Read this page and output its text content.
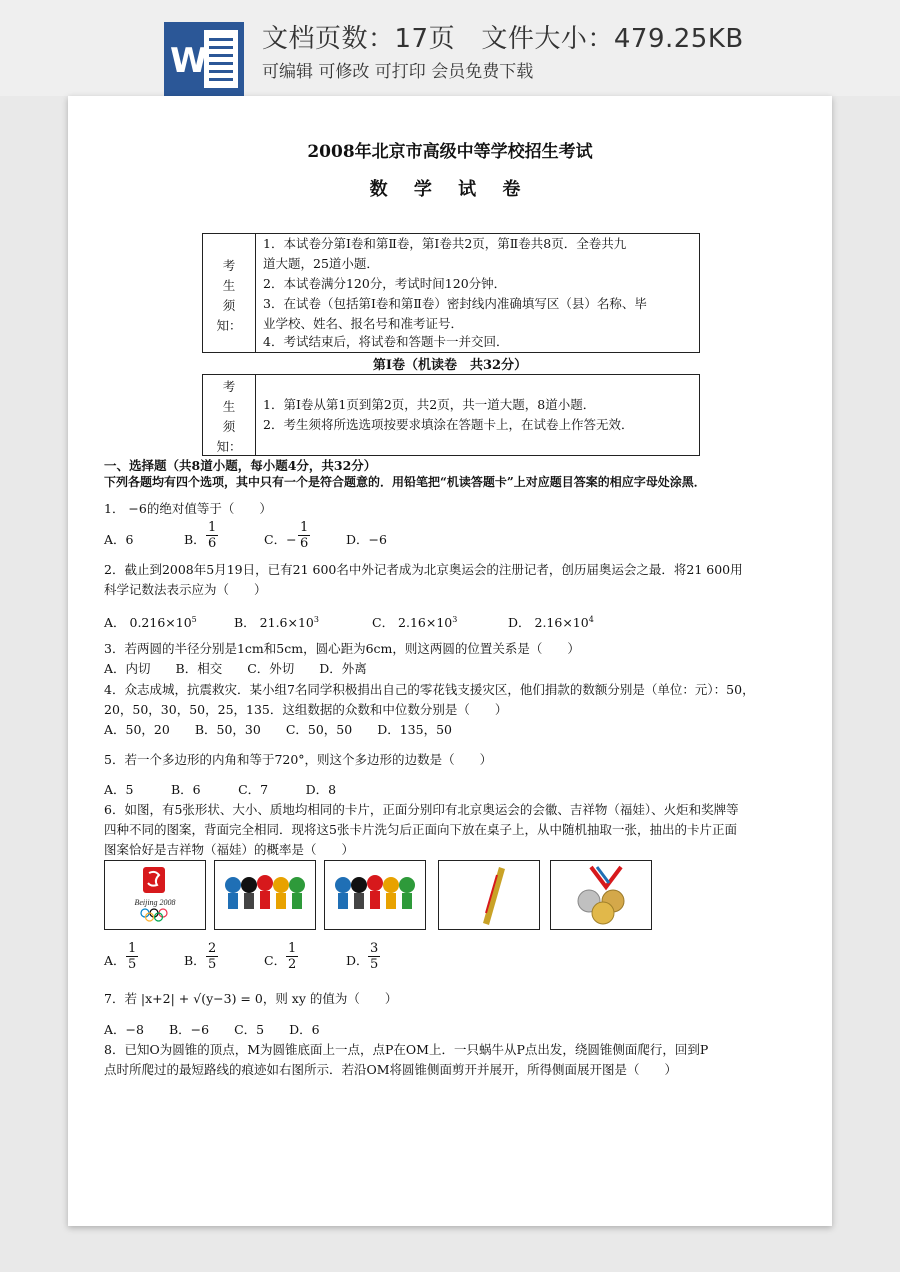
W
文档页数：17页   文件大小：479.25KB
可编辑 可修改 可打印 会员免费下载
2008年北京市高级中等学校招生考试
数 学 试 卷
考
生
须
知：
1．本试卷分第Ⅰ卷和第Ⅱ卷，第Ⅰ卷共2页，第Ⅱ卷共8页．全卷共九
道大题，25道小题．
2．本试卷满分120分，考试时间120分钟．
3．在试卷（包括第Ⅰ卷和第Ⅱ卷）密封线内准确填写区（县）名称、毕
业学校、姓名、报名号和准考证号．
4．考试结束后，将试卷和答题卡一并交回．
第Ⅰ卷（机读卷　共32分）
考
生
须
知：
1．第Ⅰ卷从第1页到第2页，共2页，共一道大题，8道小题．
2．考生须将所选选项按要求填涂在答题卡上，在试卷上作答无效．
一、选择题（共8道小题，每小题4分，共32分）
下列各题均有四个选项，其中只有一个是符合题意的．用铅笔把“机读答题卡”上对应题目答案的相应字母处涂黑．
1． −6的绝对值等于（　　）
A．6	B． $\frac{1}{6}$	C．− $\frac{1}{6}$	D．−6
2．截止到2008年5月19日，已有21 600名中外记者成为北京奥运会的注册记者，创历届奥运会之最．将21 600用
科学记数法表示应为（　　）
A． $0.216\times 10^5$	B． $21.6\times 10^3$	C． $2.16\times 10^3$	D． $2.16\times 10^4$
3．若两圆的半径分别是1cm和5cm，圆心距为6cm，则这两圆的位置关系是（　　）
A．内切　　B．相交　　C．外切　　D．外离
4．众志成城，抗震救灾．某小组7名同学积极捐出自己的零花钱支援灾区，他们捐款的数额分别是（单位：元）：50，
20，50，30，50，25，135．这组数据的众数和中位数分别是（　　）
A．50，20　　B．50，30　　C．50，50　　D．135，50
5．若一个多边形的内角和等于720°，则这个多边形的边数是（　　）
A．5　　　B．6　　　C．7　　　D．8
6．如图，有5张形状、大小、质地均相同的卡片，正面分别印有北京奥运会的会徽、吉祥物（福娃）、火炬和奖牌等
四种不同的图案，背面完全相同．现将这5张卡片洗匀后正面向下放在桌子上，从中随机抽取一张，抽出的卡片正面
图案恰好是吉祥物（福娃）的概率是（　　）
Beijing 2008
A． $\frac{1}{5}$	B． $\frac{2}{5}$	C． $\frac{1}{2}$	D． $\frac{3}{5}$
7．若 |x+2| + √(y−3) = 0，则 xy 的值为（　　）
A．−8　　B．−6　　C．5　　D．6
8．已知O为圆锥的顶点，M为圆锥底面上一点，点P在OM上．一只蜗牛从P点出发，绕圆锥侧面爬行，回到P
点时所爬过的最短路线的痕迹如右图所示．若沿OM将圆锥侧面剪开并展开，所得侧面展开图是（　　）
